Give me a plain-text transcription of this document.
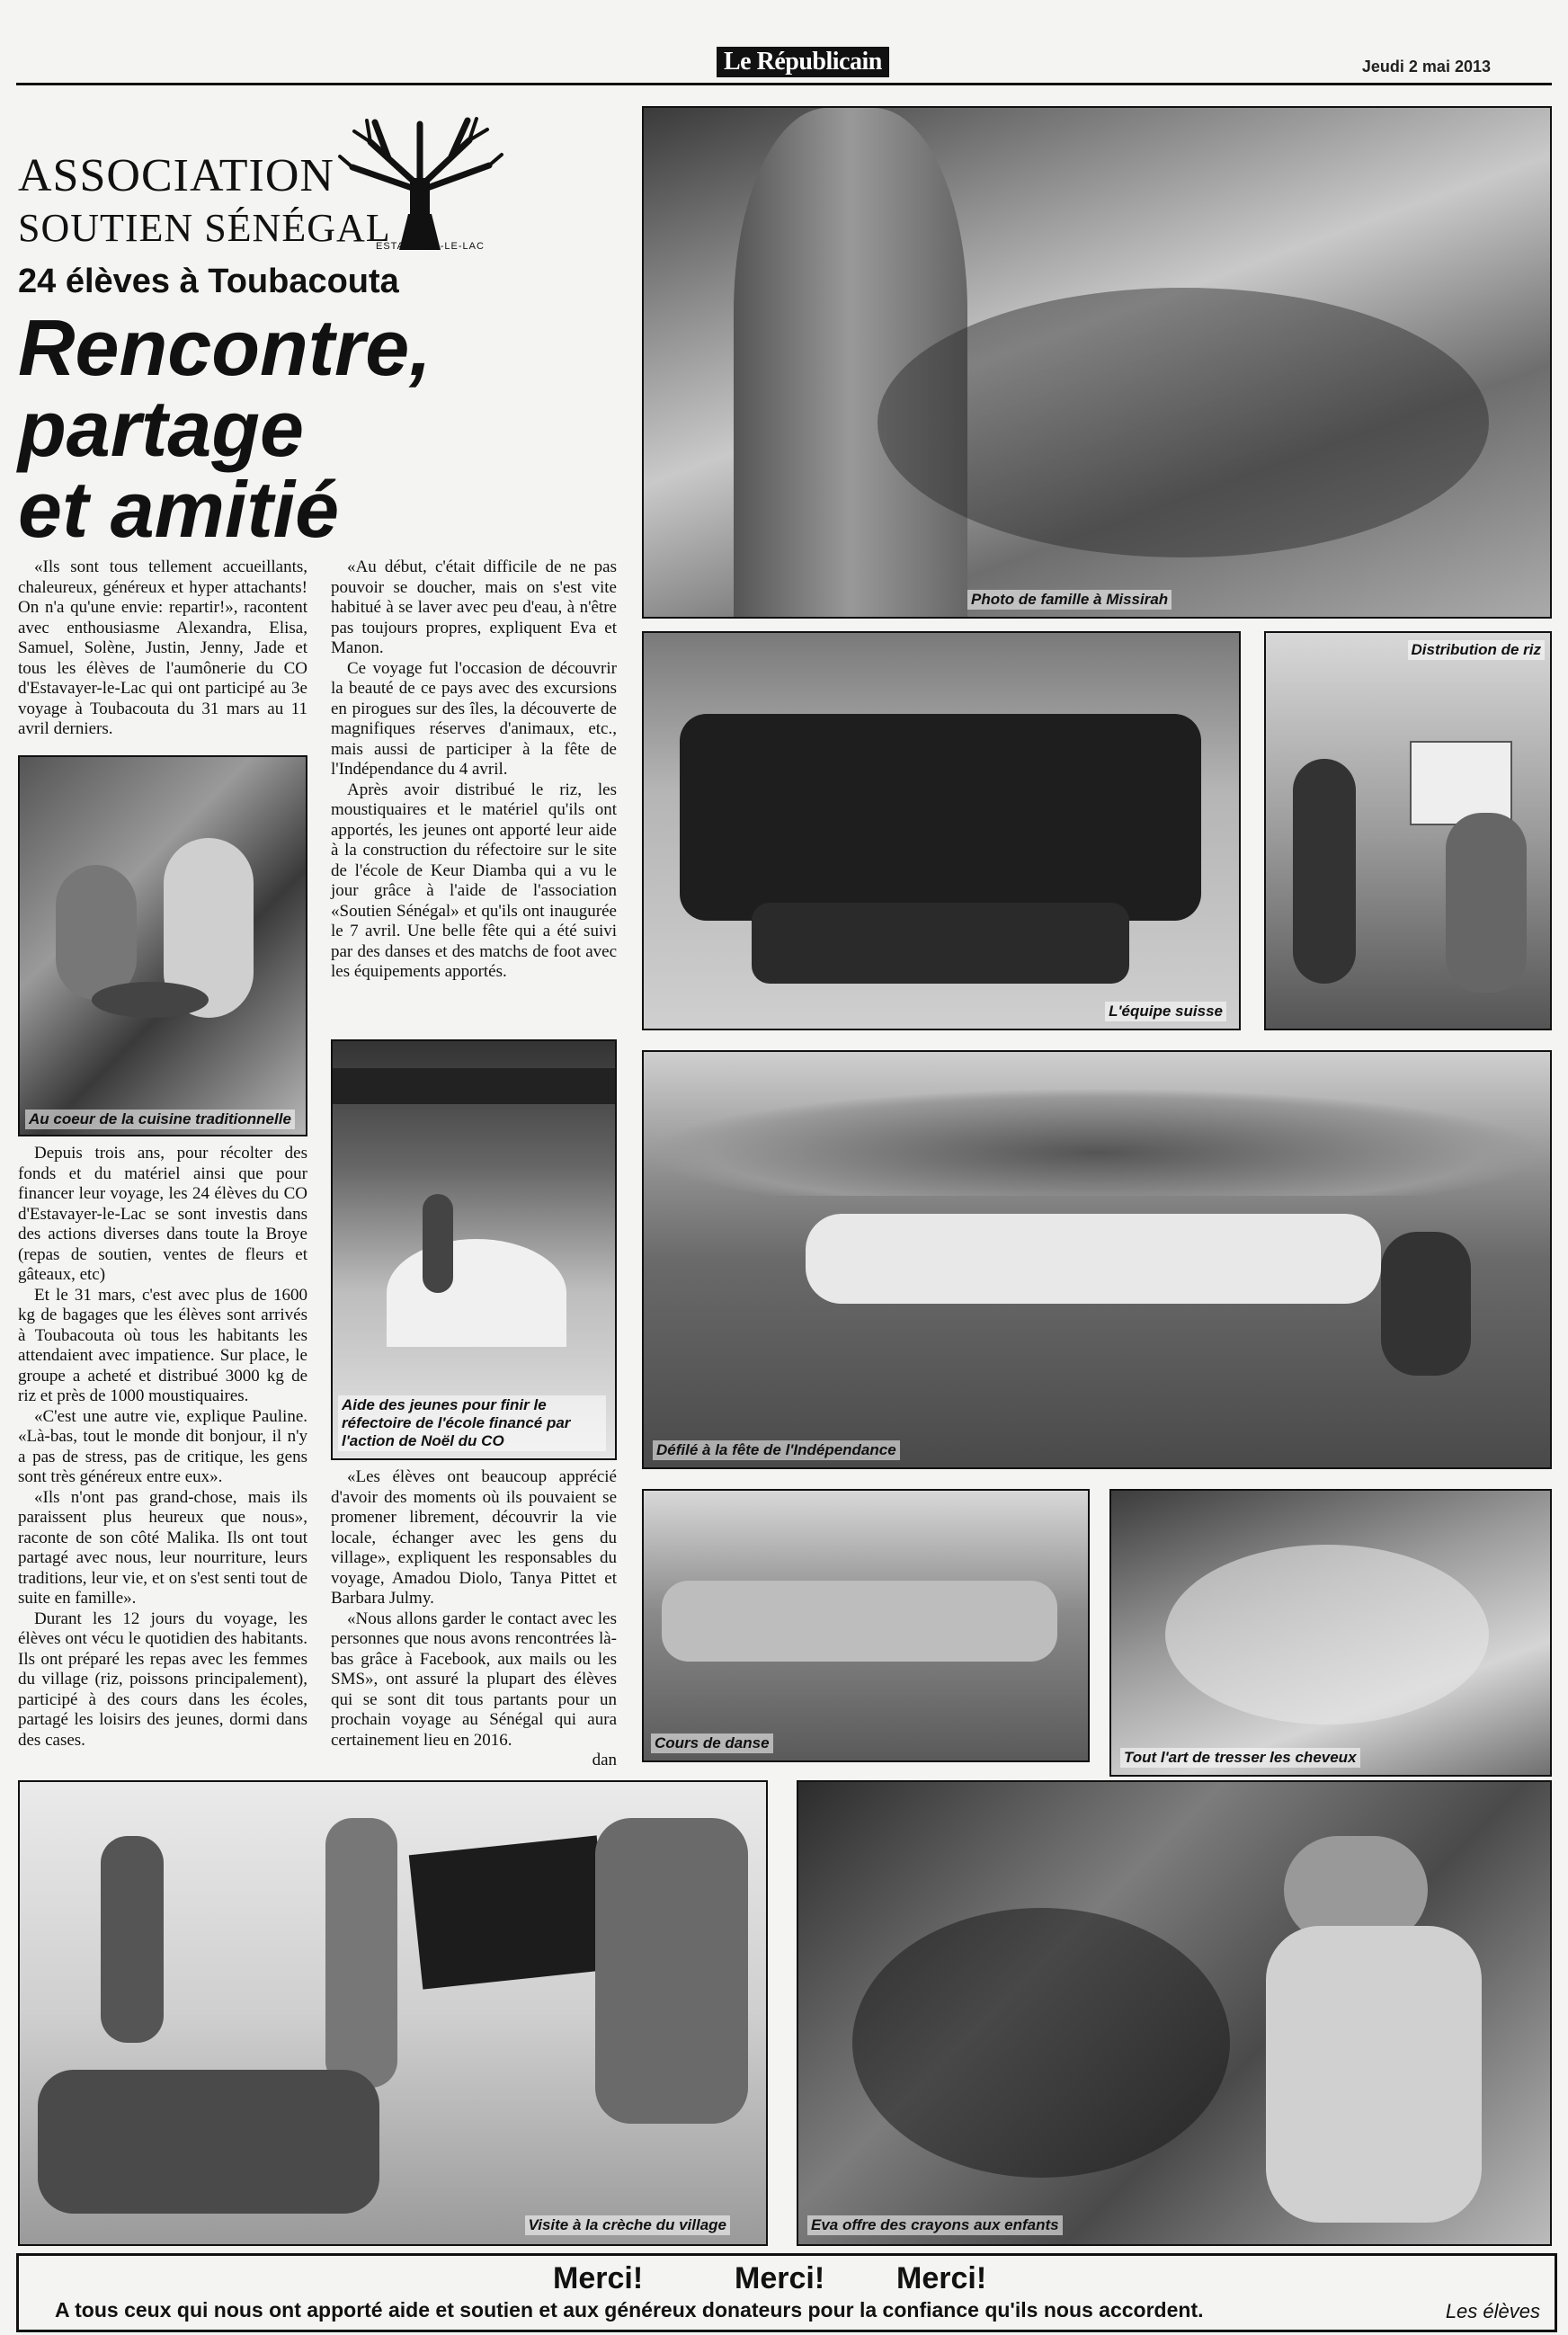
Le Républicain	Jeudi 2 mai 2013
ASSOCIATION
SOUTIEN SÉNÉGAL
ESTAVAYER-LE-LAC
24 élèves à Toubacouta
Rencontre,
partage
et amitié

«Ils sont tous tellement accueillants, chaleureux, généreux et hyper attachants! On n'a qu'une envie: repartir!», racontent avec enthousiasme Alexandra, Elisa, Samuel, Solène, Justin, Jenny, Jade et tous les élèves de l'aumônerie du CO d'Estavayer-le-Lac qui ont participé au 3e voyage à Toubacouta du 31 mars au 11 avril derniers.

Au coeur de la cuisine traditionnelle

Depuis trois ans, pour récolter des fonds et du matériel ainsi que pour financer leur voyage, les 24 élèves du CO d'Estavayer-le-Lac se sont investis dans des actions diverses dans toute la Broye (repas de soutien, ventes de fleurs et gâteaux, etc)

Et le 31 mars, c'est avec plus de 1600 kg de bagages que les élèves sont arrivés à Toubacouta où tous les habitants les attendaient avec impatience. Sur place, le groupe a acheté et distribué 3000 kg de riz et près de 1000 moustiquaires.

«C'est une autre vie, explique Pauline. «Là-bas, tout le monde dit bonjour, il n'y a pas de stress, pas de critique, les gens sont très généreux entre eux».

«Ils n'ont pas grand-chose, mais ils paraissent plus heureux que nous», raconte de son côté Malika. Ils ont tout partagé avec nous, leur nourriture, leurs traditions, leur vie, et on s'est senti tout de suite en famille».

Durant les 12 jours du voyage, les élèves ont vécu le quotidien des habitants. Ils ont préparé les repas avec les femmes du village (riz, poissons principalement), participé à des cours dans les écoles, partagé les loisirs des jeunes, dormi dans des cases.

«Au début, c'était difficile de ne pas pouvoir se doucher, mais on s'est vite habitué à se laver avec peu d'eau, à n'être pas toujours propres, expliquent Eva et Manon.

Ce voyage fut l'occasion de découvrir la beauté de ce pays avec des excursions en pirogues sur des îles, la découverte de magnifiques réserves d'animaux, etc., mais aussi de participer à la fête de l'Indépendance du 4 avril.

Après avoir distribué le riz, les moustiquaires et le matériel qu'ils ont apportés, les jeunes ont apporté leur aide à la construction du réfectoire sur le site de l'école de Keur Diamba qui a vu le jour grâce à l'aide de l'association «Soutien Sénégal» et qu'ils ont inaugurée le 7 avril. Une belle fête qui a été suivi par des danses et des matchs de foot avec les équipements apportés.

Aide des jeunes pour finir le réfectoire de l'école financé par l'action de Noël du CO

«Les élèves ont beaucoup apprécié d'avoir des moments où ils pouvaient se promener librement, découvrir la vie locale, échanger avec les gens du village», expliquent les responsables du voyage, Amadou Diolo, Tanya Pittet et Barbara Julmy.

«Nous allons garder le contact avec les personnes que nous avons rencontrées là-bas grâce à Facebook, aux mails ou les SMS», ont assuré la plupart des élèves qui se sont dit tous partants pour un prochain voyage au Sénégal qui aura certainement lieu en 2016.

dan

Photo de famille à Missirah
L'équipe suisse
Distribution de riz
Défilé à la fête de l'Indépendance
Cours de danse
Tout l'art de tresser les cheveux
Visite à la crèche du village	Eva offre des crayons aux enfants
Merci!	Merci! Merci!
A tous ceux qui nous ont apporté aide et soutien et aux généreux donateurs pour la confiance qu'ils nous accordent.	Les élèves
